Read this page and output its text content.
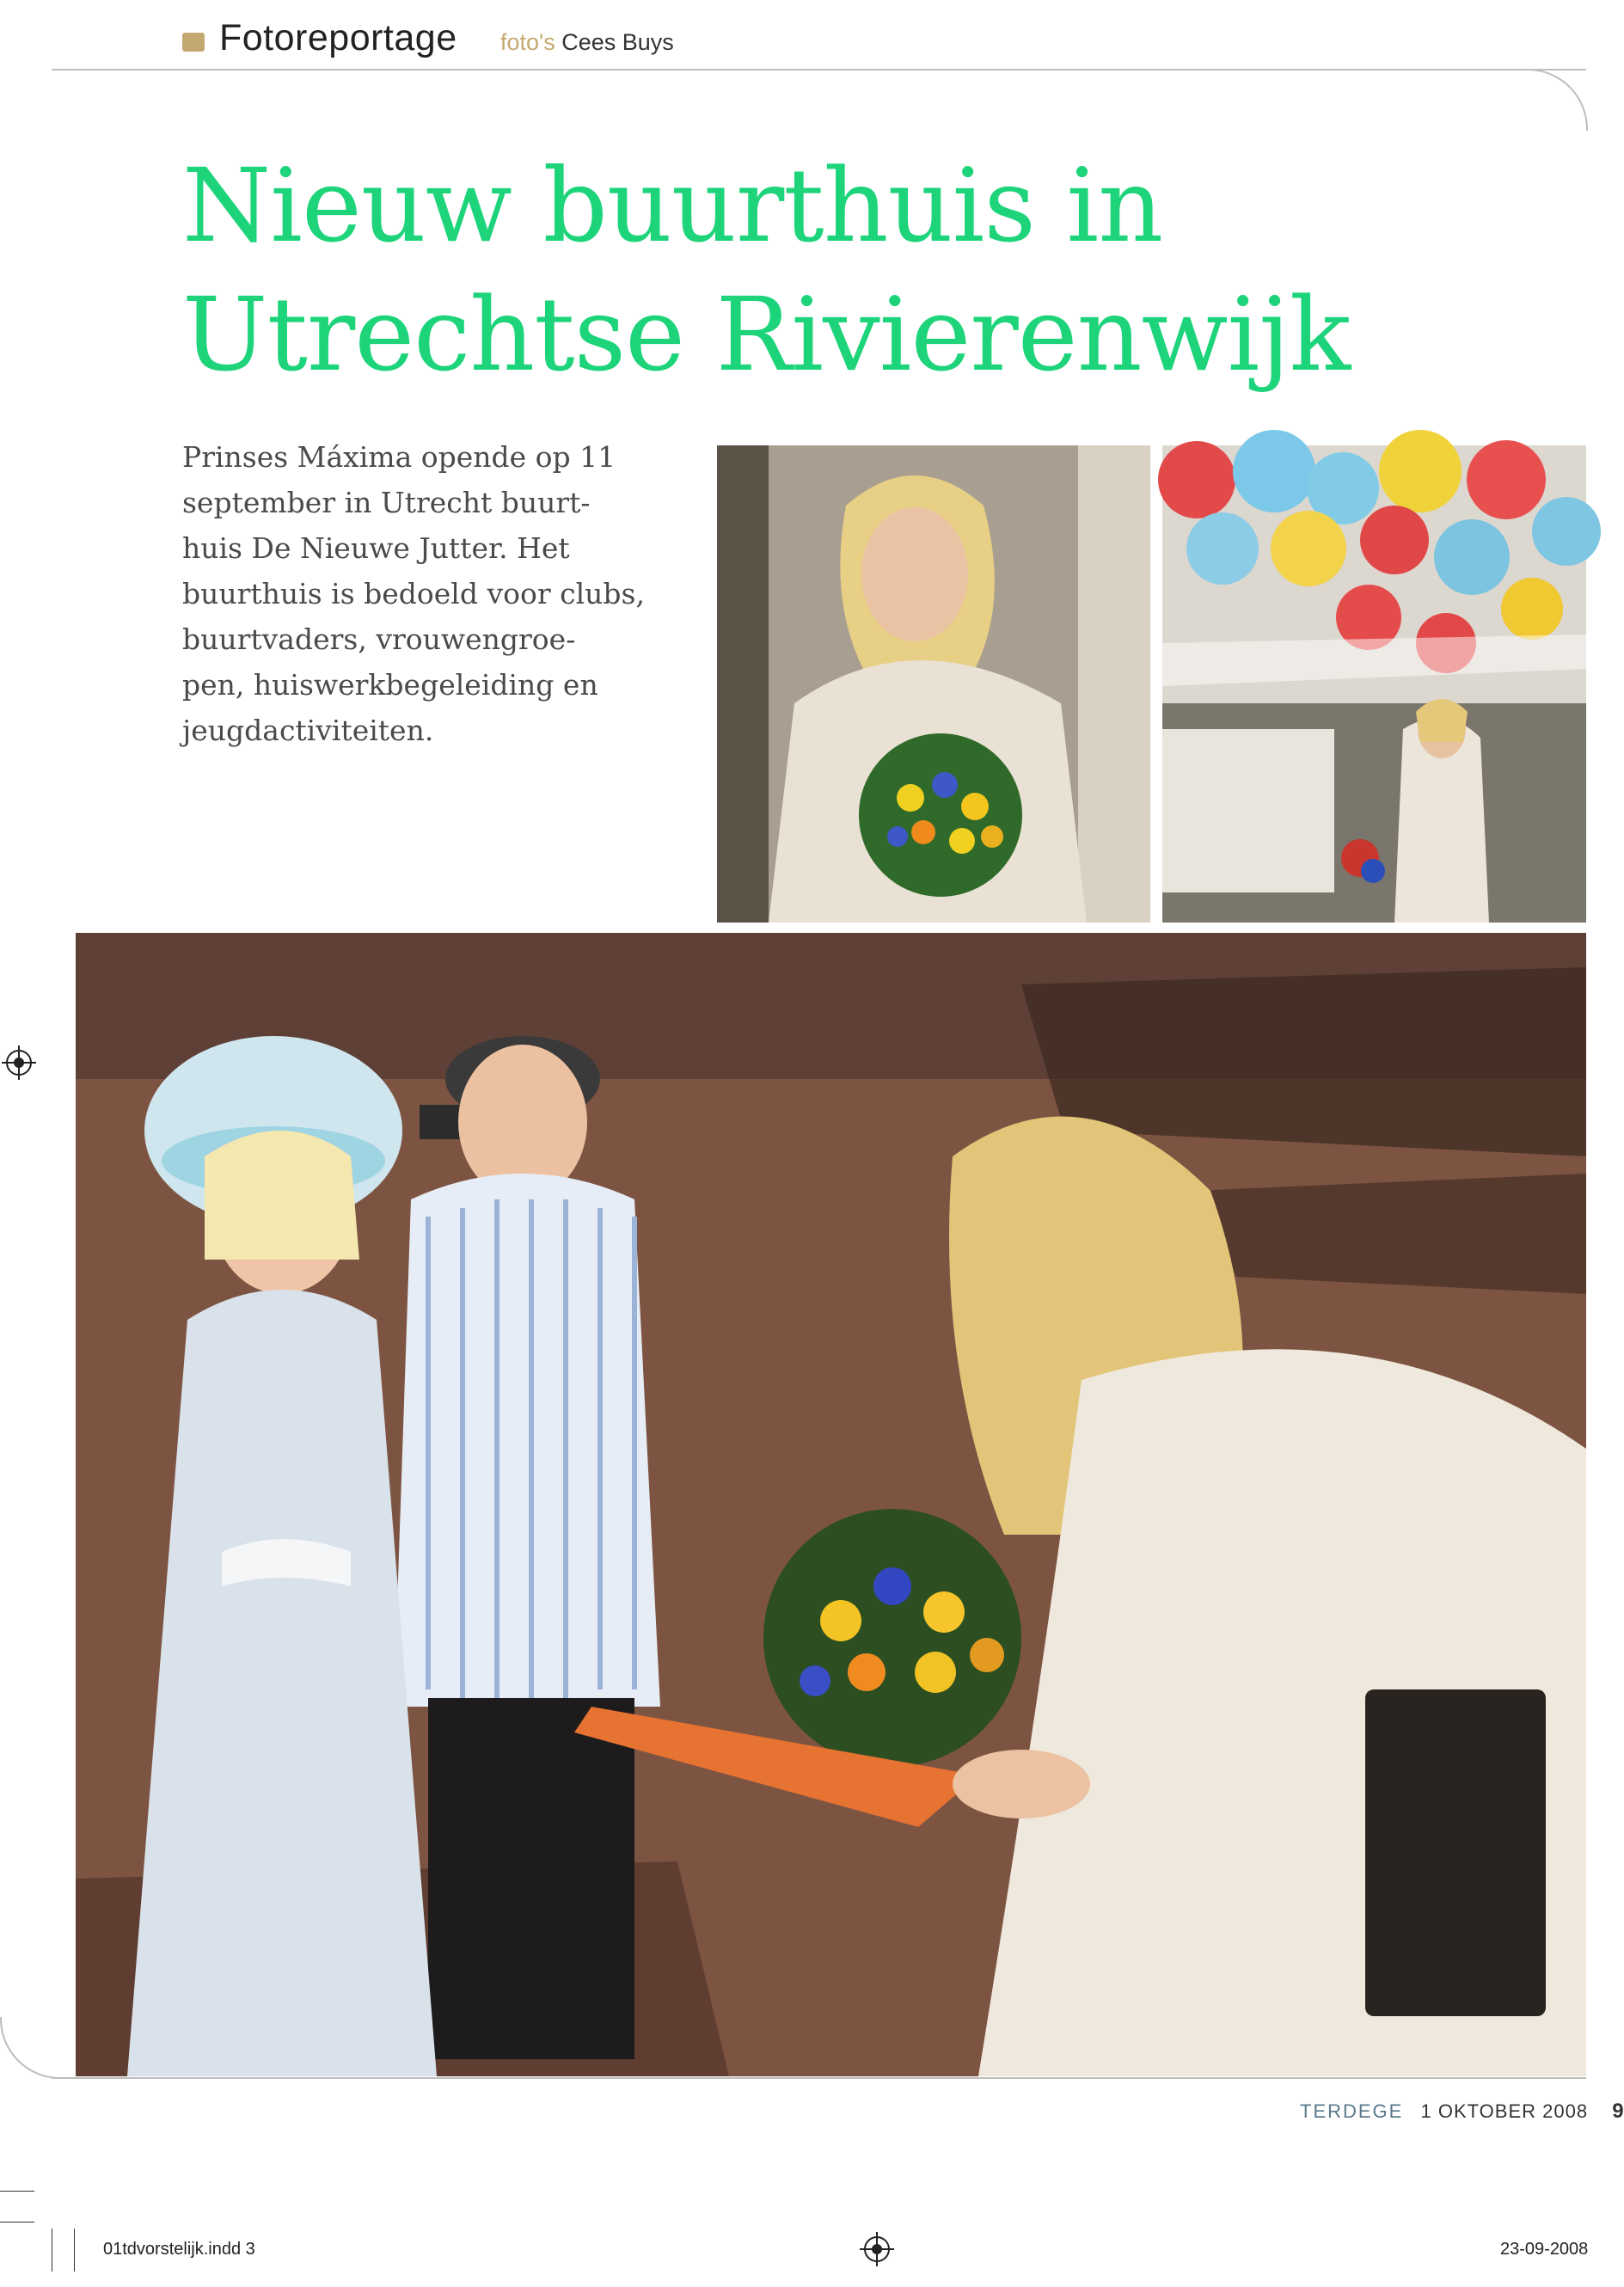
Fotoreportage foto's Cees Buys
Nieuw buurthuis in
Utrechtse Rivierenwijk
Prinses Máxima opende op 11
september in Utrecht buurt-
huis De Nieuwe Jutter. Het
buurthuis is bedoeld voor clubs,
buurtvaders, vrouwengroe-
pen, huiswerkbegeleiding en
jeugdactiviteiten.
TERDEGE 1 OKTOBER 2008 9
01tdvorstelijk.indd 3	23-09-2008
